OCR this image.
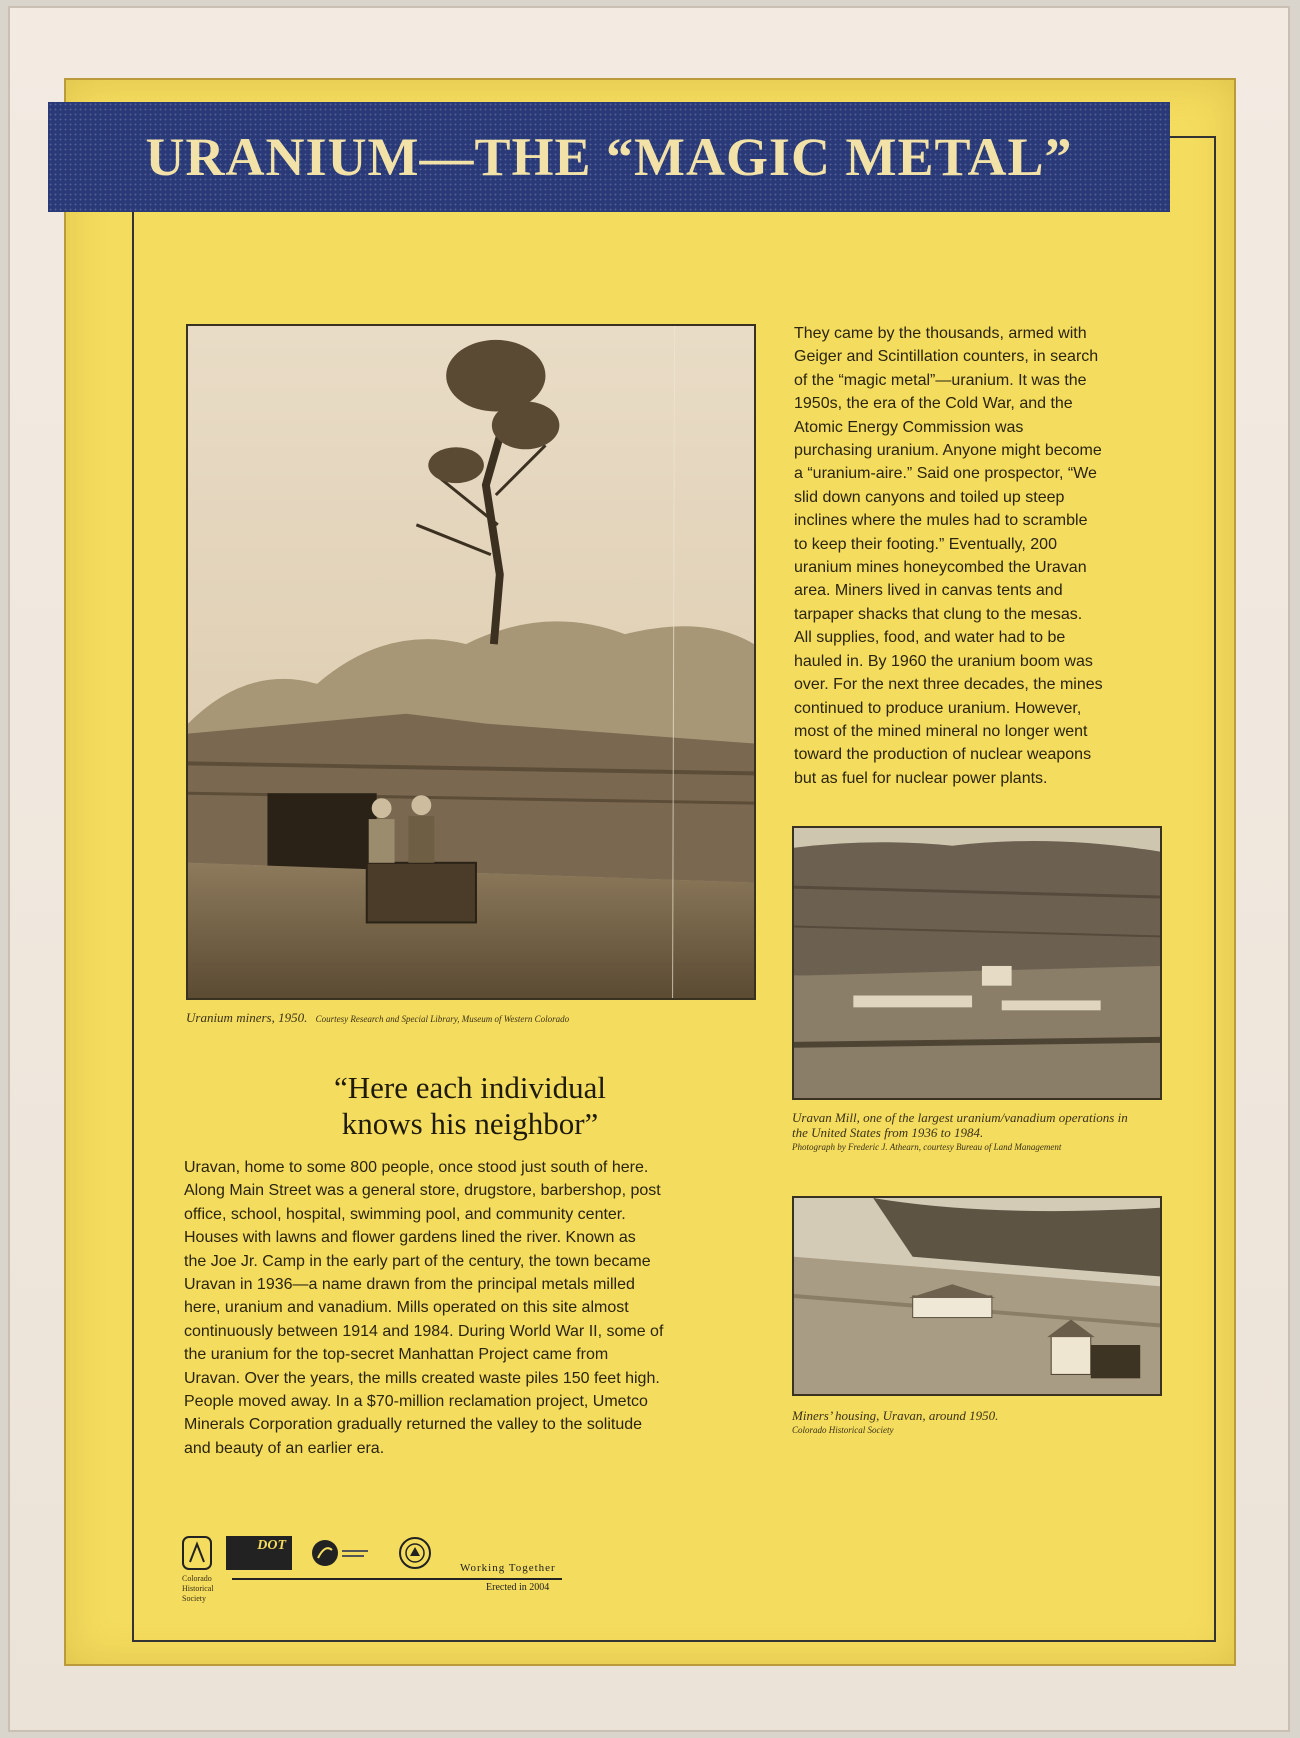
URANIUM—THE “MAGIC METAL”
Uranium miners, 1950. Courtesy Research and Special Library, Museum of Western Colorado
They came by the thousands, armed with
Geiger and Scintillation counters, in search
of the “magic metal”—uranium. It was the
1950s, the era of the Cold War, and the
Atomic Energy Commission was
purchasing uranium. Anyone might become
a “uranium-aire.” Said one prospector, “We
slid down canyons and toiled up steep
inclines where the mules had to scramble
to keep their footing.” Eventually, 200
uranium mines honeycombed the Uravan
area. Miners lived in canvas tents and
tarpaper shacks that clung to the mesas.
All supplies, food, and water had to be
hauled in. By 1960 the uranium boom was
over. For the next three decades, the mines
continued to produce uranium. However,
most of the mined mineral no longer went
toward the production of nuclear weapons
but as fuel for nuclear power plants.
Uravan Mill, one of the largest uranium/vanadium operations in
the United States from 1936 to 1984.
Photograph by Frederic J. Athearn, courtesy Bureau of Land Management
“Here each individual
knows his neighbor”
Uravan, home to some 800 people, once stood just south of here.
Along Main Street was a general store, drugstore, barbershop, post
office, school, hospital, swimming pool, and community center.
Houses with lawns and flower gardens lined the river. Known as
the Joe Jr. Camp in the early part of the century, the town became
Uravan in 1936—a name drawn from the principal metals milled
here, uranium and vanadium. Mills operated on this site almost
continuously between 1914 and 1984. During World War II, some of
the uranium for the top-secret Manhattan Project came from
Uravan. Over the years, the mills created waste piles 150 feet high.
People moved away. In a $70-million reclamation project, Umetco
Minerals Corporation gradually returned the valley to the solitude
and beauty of an earlier era.
Miners’ housing, Uravan, around 1950.
Colorado Historical Society
Colorado
Historical
Society
DOT
Working Together
Erected in 2004
